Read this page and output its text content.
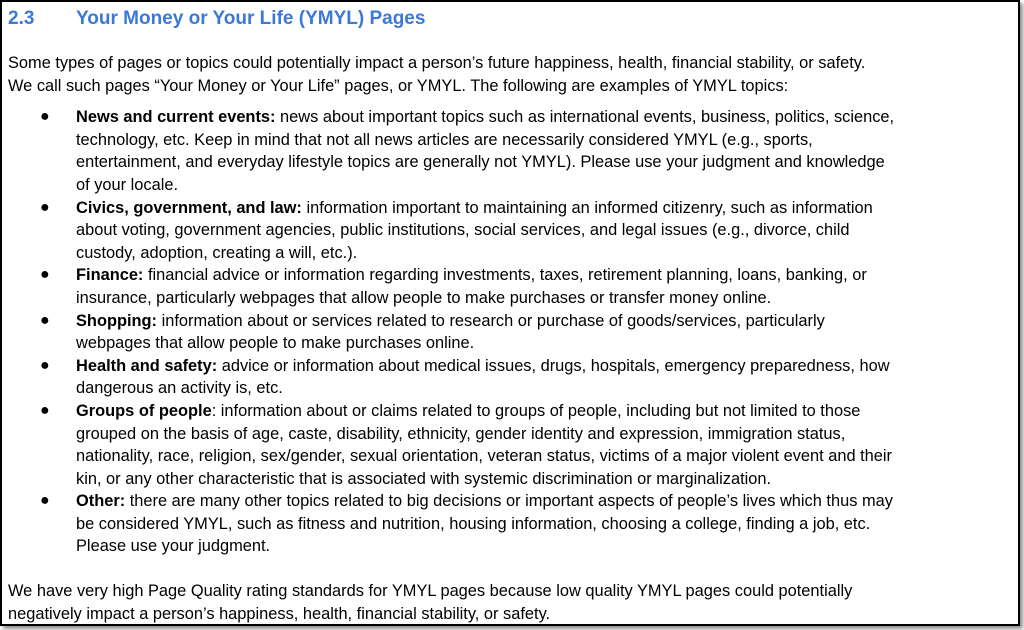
2.3 Your Money or Your Life (YMYL) Pages

Some types of pages or topics could potentially impact a person’s future happiness, health, financial stability, or safety.
We call such pages “Your Money or Your Life” pages, or YMYL. The following are examples of YMYL topics:

● News and current events: news about important topics such as international events, business, politics, science,
technology, etc. Keep in mind that not all news articles are necessarily considered YMYL (e.g., sports,
entertainment, and everyday lifestyle topics are generally not YMYL). Please use your judgment and knowledge
of your locale.
● Civics, government, and law: information important to maintaining an informed citizenry, such as information
about voting, government agencies, public institutions, social services, and legal issues (e.g., divorce, child
custody, adoption, creating a will, etc.).
● Finance: financial advice or information regarding investments, taxes, retirement planning, loans, banking, or
insurance, particularly webpages that allow people to make purchases or transfer money online.
● Shopping: information about or services related to research or purchase of goods/services, particularly
webpages that allow people to make purchases online.
● Health and safety: advice or information about medical issues, drugs, hospitals, emergency preparedness, how
dangerous an activity is, etc.
● Groups of people: information about or claims related to groups of people, including but not limited to those
grouped on the basis of age, caste, disability, ethnicity, gender identity and expression, immigration status,
nationality, race, religion, sex/gender, sexual orientation, veteran status, victims of a major violent event and their
kin, or any other characteristic that is associated with systemic discrimination or marginalization.
● Other: there are many other topics related to big decisions or important aspects of people’s lives which thus may
be considered YMYL, such as fitness and nutrition, housing information, choosing a college, finding a job, etc.
Please use your judgment.

We have very high Page Quality rating standards for YMYL pages because low quality YMYL pages could potentially
negatively impact a person’s happiness, health, financial stability, or safety.
